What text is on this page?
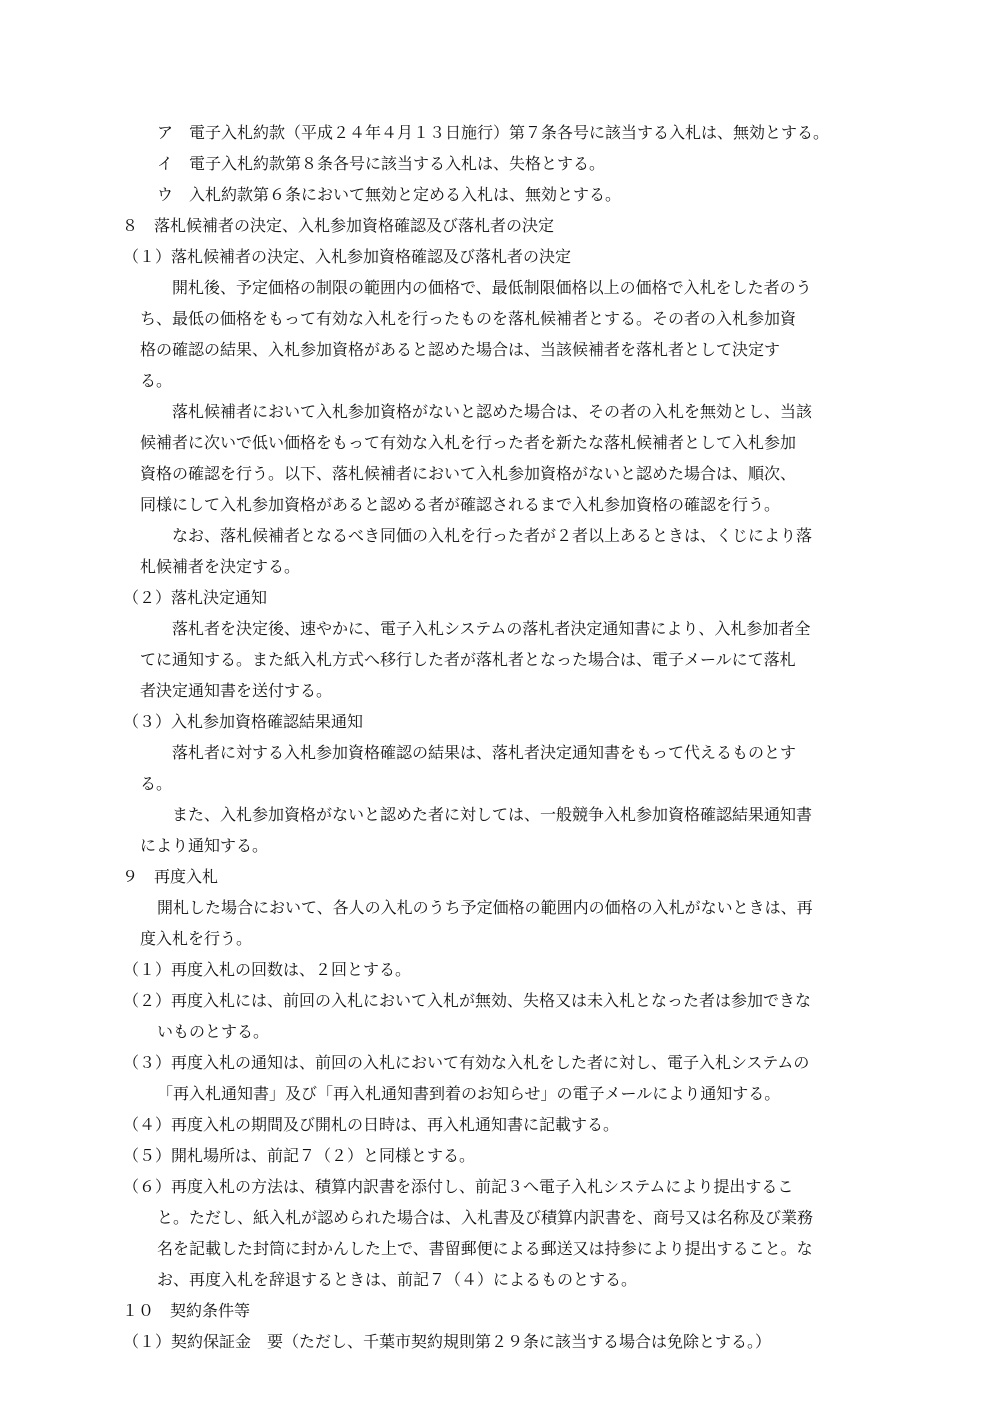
ア　電子入札約款（平成２４年４月１３日施行）第７条各号に該当する入札は、無効とする。
イ　電子入札約款第８条各号に該当する入札は、失格とする。
ウ　入札約款第６条において無効と定める入札は、無効とする。
８　落札候補者の決定、入札参加資格確認及び落札者の決定
（１）落札候補者の決定、入札参加資格確認及び落札者の決定
開札後、予定価格の制限の範囲内の価格で、最低制限価格以上の価格で入札をした者のう
ち、最低の価格をもって有効な入札を行ったものを落札候補者とする。その者の入札参加資
格の確認の結果、入札参加資格があると認めた場合は、当該候補者を落札者として決定す
る。
落札候補者において入札参加資格がないと認めた場合は、その者の入札を無効とし、当該
候補者に次いで低い価格をもって有効な入札を行った者を新たな落札候補者として入札参加
資格の確認を行う。以下、落札候補者において入札参加資格がないと認めた場合は、順次、
同様にして入札参加資格があると認める者が確認されるまで入札参加資格の確認を行う。
なお、落札候補者となるべき同価の入札を行った者が２者以上あるときは、くじにより落
札候補者を決定する。
（２）落札決定通知
落札者を決定後、速やかに、電子入札システムの落札者決定通知書により、入札参加者全
てに通知する。また紙入札方式へ移行した者が落札者となった場合は、電子メールにて落札
者決定通知書を送付する。
（３）入札参加資格確認結果通知
落札者に対する入札参加資格確認の結果は、落札者決定通知書をもって代えるものとす
る。
また、入札参加資格がないと認めた者に対しては、一般競争入札参加資格確認結果通知書
により通知する。
９　再度入札
開札した場合において、各人の入札のうち予定価格の範囲内の価格の入札がないときは、再
度入札を行う。
（１）再度入札の回数は、２回とする。
（２）再度入札には、前回の入札において入札が無効、失格又は未入札となった者は参加できな
いものとする。
（３）再度入札の通知は、前回の入札において有効な入札をした者に対し、電子入札システムの
「再入札通知書」及び「再入札通知書到着のお知らせ」の電子メールにより通知する。
（４）再度入札の期間及び開札の日時は、再入札通知書に記載する。
（５）開札場所は、前記７（２）と同様とする。
（６）再度入札の方法は、積算内訳書を添付し、前記３へ電子入札システムにより提出するこ
と。ただし、紙入札が認められた場合は、入札書及び積算内訳書を、商号又は名称及び業務
名を記載した封筒に封かんした上で、書留郵便による郵送又は持参により提出すること。な
お、再度入札を辞退するときは、前記７（４）によるものとする。
１０　契約条件等
（１）契約保証金　要（ただし、千葉市契約規則第２９条に該当する場合は免除とする。）
